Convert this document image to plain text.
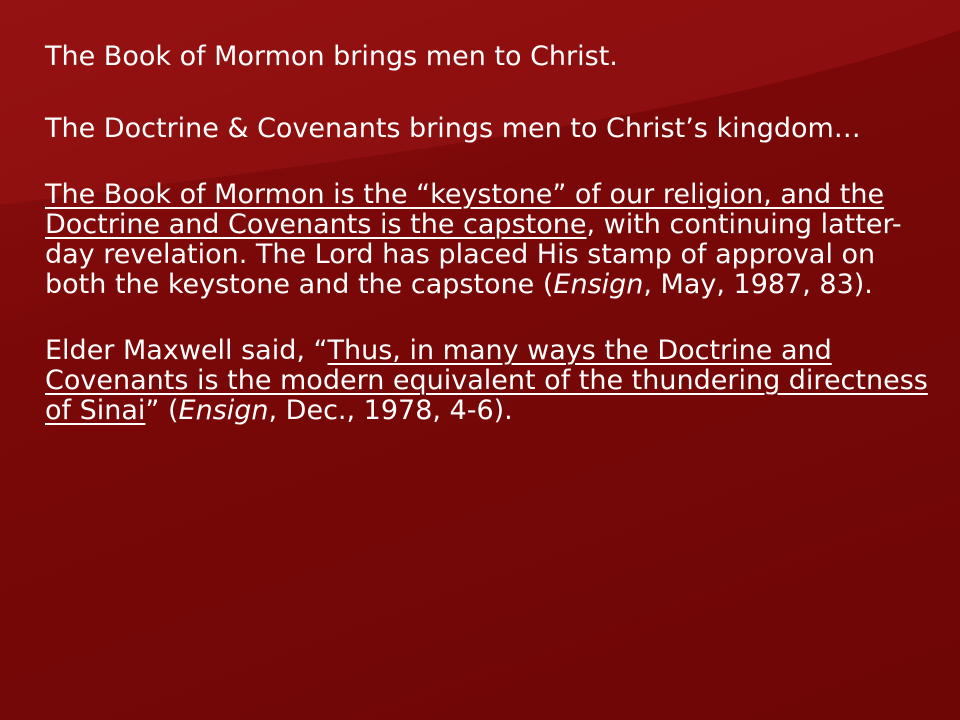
The Book of Mormon brings men to Christ.

The Doctrine & Covenants brings men to Christ’s kingdom…

The Book of Mormon is the “keystone” of our religion, and the Doctrine and Covenants is the capstone, with continuing latter-day revelation. The Lord has placed His stamp of approval on both the keystone and the capstone (Ensign, May, 1987, 83).

Elder Maxwell said, “Thus, in many ways the Doctrine and Covenants is the modern equivalent of the thundering directness of Sinai” (Ensign, Dec., 1978, 4-6).
